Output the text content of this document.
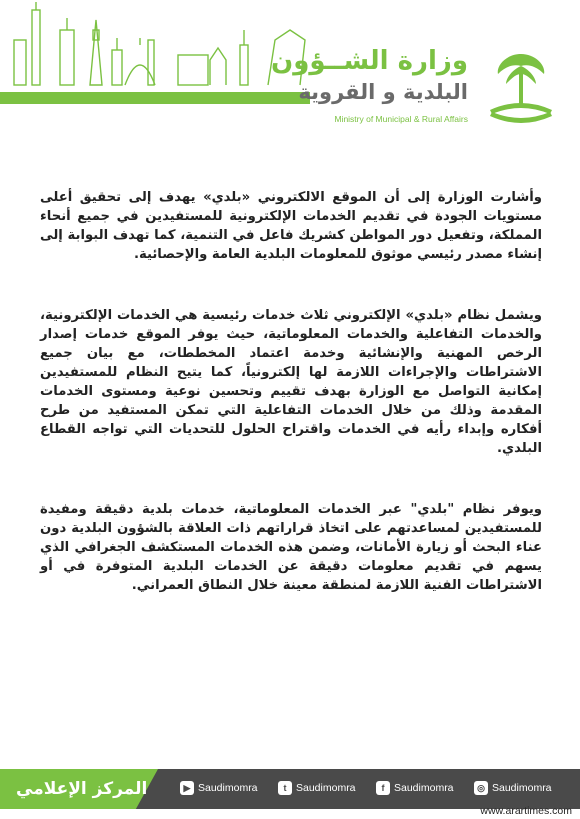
وزارة الشــؤون
البلدية و القروية
Ministry of Municipal & Rural Affairs

وأشارت الوزارة إلى أن الموقع الالكتروني «بلدي» يهدف إلى تحقيق أعلى مستويات الجودة في تقديم الخدمات الإلكترونية للمستفيدين في جميع أنحاء المملكة، وتفعيل دور المواطن كشريك فاعل في التنمية، كما تهدف البوابة إلى إنشاء مصدر رئيسي موثوق للمعلومات البلدية العامة والإحصائية.

ويشمل نظام «بلدي» الإلكتروني ثلاث خدمات رئيسية هي الخدمات الإلكترونية، والخدمات التفاعلية والخدمات المعلوماتية، حيث يوفر الموقع خدمات إصدار الرخص المهنية والإنشائية وخدمة اعتماد المخططات، مع بيان جميع الاشتراطات والإجراءات اللازمة لها إلكترونياً، كما يتيح النظام للمستفيدين إمكانية التواصل مع الوزارة بهدف تقييم وتحسين نوعية ومستوى الخدمات المقدمة وذلك من خلال الخدمات التفاعلية التي تمكن المستفيد من طرح أفكاره وإبداء رأيه في الخدمات واقتراح الحلول للتحديات التي تواجه القطاع البلدي.

ويوفر نظام "بلدي" عبر الخدمات المعلوماتية، خدمات بلدية دقيقة ومفيدة للمستفيدين لمساعدتهم على اتخاذ قراراتهم ذات العلاقة بالشؤون البلدية دون عناء البحث أو زيارة الأمانات، وضمن هذه الخدمات المستكشف الجغرافي الذي يسهم في تقديم معلومات دقيقة عن الخدمات البلدية المتوفرة في أو الاشتراطات الفنية اللازمة لمنطقة معينة خلال النطاق العمراني.

المركز الإعلامي	▶ Saudimomra	t Saudimomra	f Saudimomra	◎ Saudimomra
www.arartimes.com
